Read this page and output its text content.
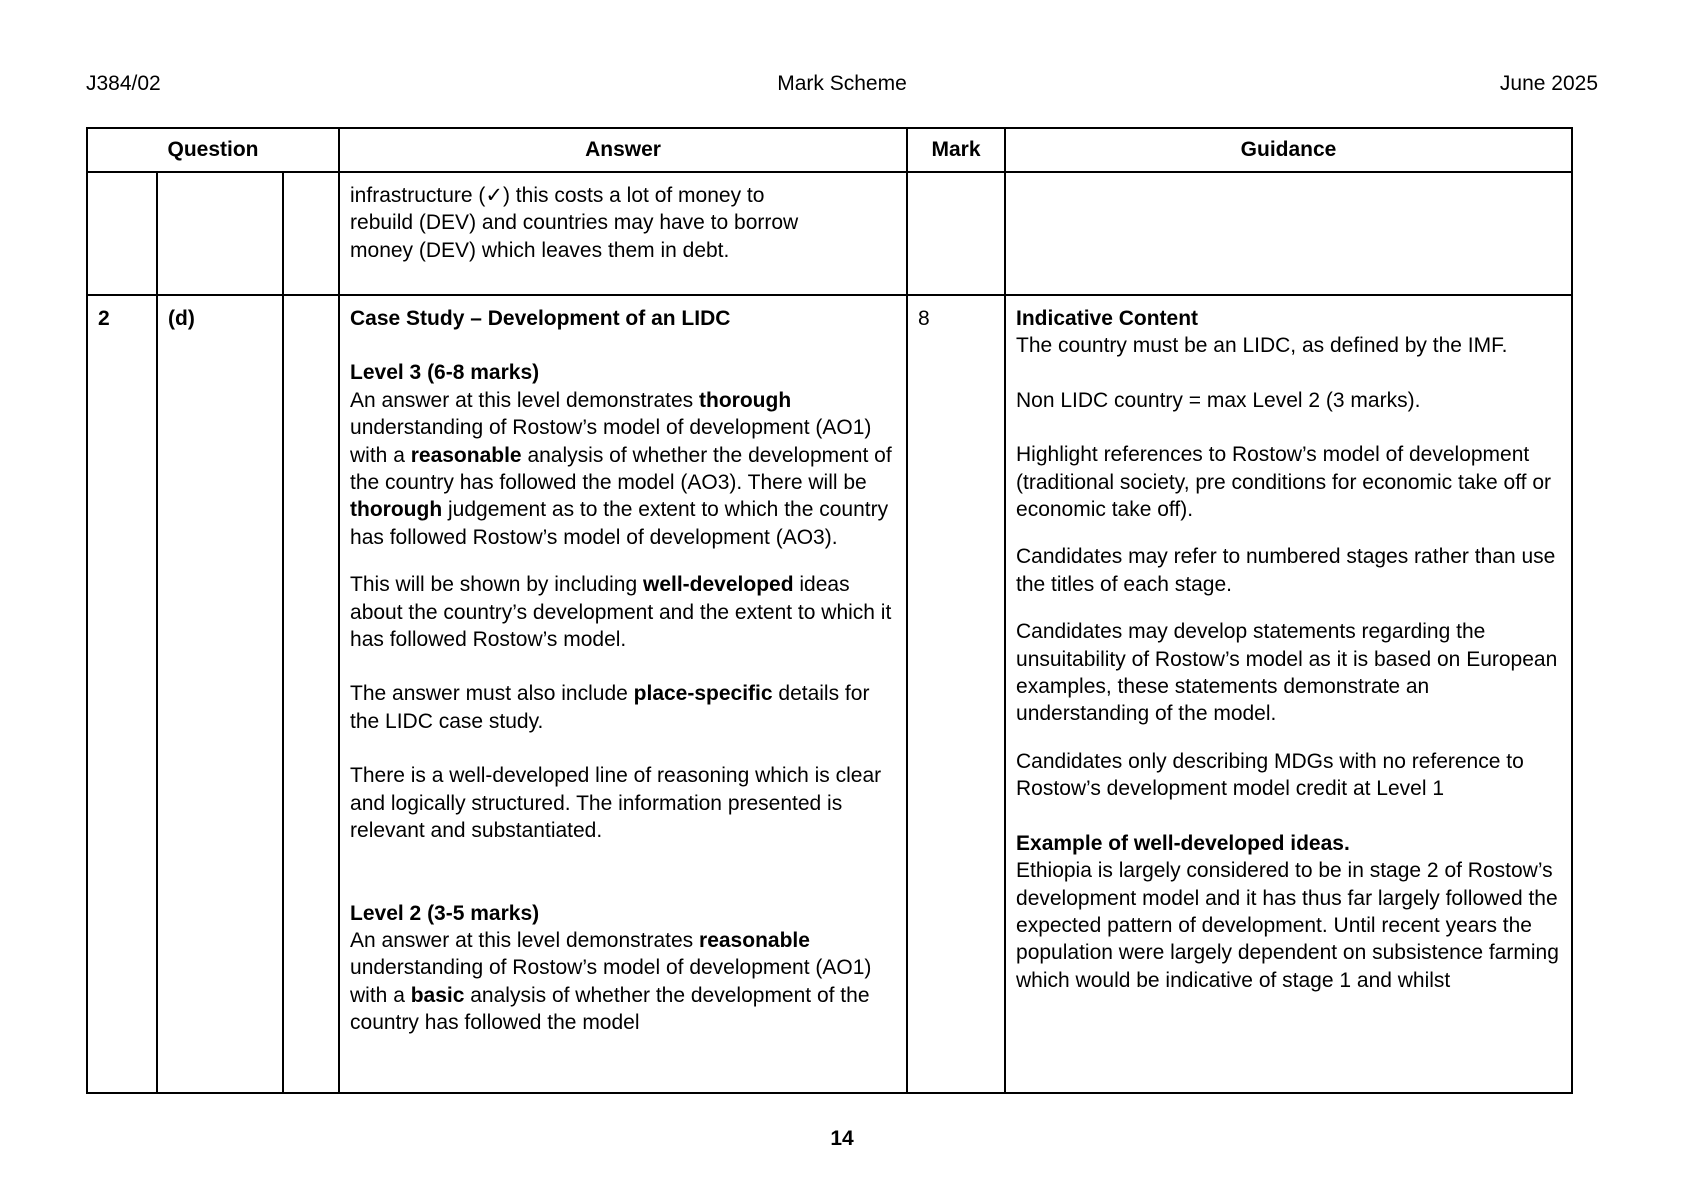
J384/02	Mark Scheme	June 2025
Question			Answer	Mark	Guidance

			infrastructure (✓) this costs a lot of money to
rebuild (DEV) and countries may have to borrow
money (DEV) which leaves them in debt.		

2	(d)		Case Study – Development of an LIDC
Level 3 (6-8 marks)
An answer at this level demonstrates thorough understanding of Rostow’s model of development (AO1) with a reasonable analysis of whether the development of the country has followed the model (AO3). There will be thorough judgement as to the extent to which the country has followed Rostow’s model of development (AO3).
This will be shown by including well-developed ideas about the country’s development and the extent to which it has followed Rostow’s model.
The answer must also include place-specific details for the LIDC case study.
There is a well-developed line of reasoning which is clear and logically structured. The information presented is relevant and substantiated.
Level 2 (3-5 marks)
An answer at this level demonstrates reasonable understanding of Rostow’s model of development (AO1) with a basic analysis of whether the development of the country has followed the model

8	Indicative Content
The country must be an LIDC, as defined by the IMF.
Non LIDC country = max Level 2 (3 marks).
Highlight references to Rostow’s model of development (traditional society, pre conditions for economic take off or economic take off).
Candidates may refer to numbered stages rather than use the titles of each stage.
Candidates may develop statements regarding the unsuitability of Rostow’s model as it is based on European examples, these statements demonstrate an understanding of the model.
Candidates only describing MDGs with no reference to Rostow’s development model credit at Level 1
Example of well-developed ideas.
Ethiopia is largely considered to be in stage 2 of Rostow’s development model and it has thus far largely followed the expected pattern of development. Until recent years the population were largely dependent on subsistence farming which would be indicative of stage 1 and whilst
14
